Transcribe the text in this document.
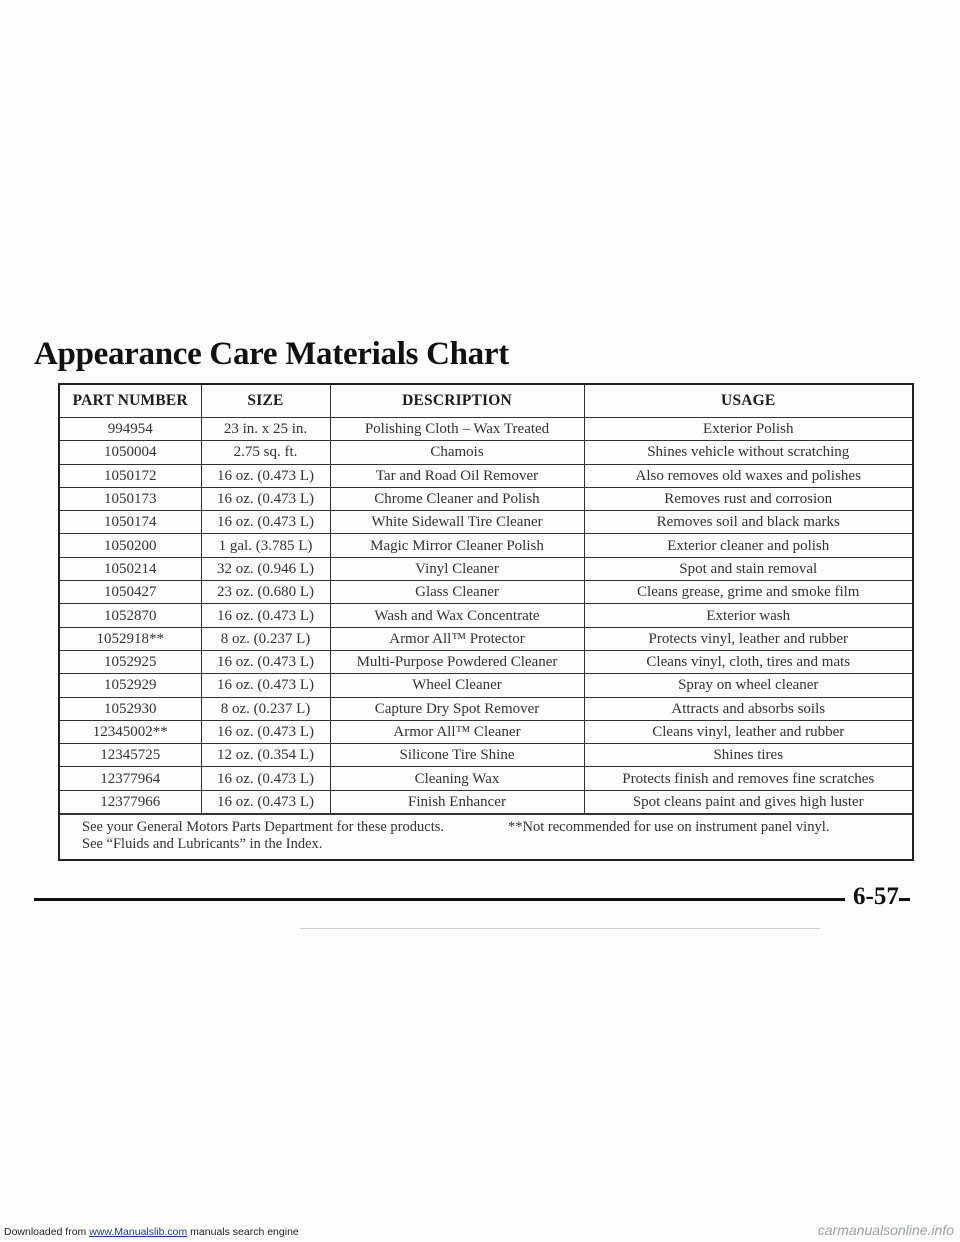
Appearance Care Materials Chart
PART NUMBER	SIZE	DESCRIPTION	USAGE
994954	23 in. x 25 in.	Polishing Cloth – Wax Treated	Exterior Polish
1050004	2.75 sq. ft.	Chamois	Shines vehicle without scratching
1050172	16 oz. (0.473 L)	Tar and Road Oil Remover	Also removes old waxes and polishes
1050173	16 oz. (0.473 L)	Chrome Cleaner and Polish	Removes rust and corrosion
1050174	16 oz. (0.473 L)	White Sidewall Tire Cleaner	Removes soil and black marks
1050200	1 gal. (3.785 L)	Magic Mirror Cleaner Polish	Exterior cleaner and polish
1050214	32 oz. (0.946 L)	Vinyl Cleaner	Spot and stain removal
1050427	23 oz. (0.680 L)	Glass Cleaner	Cleans grease, grime and smoke film
1052870	16 oz. (0.473 L)	Wash and Wax Concentrate	Exterior wash
1052918**	8 oz. (0.237 L)	Armor All™ Protector	Protects vinyl, leather and rubber
1052925	16 oz. (0.473 L)	Multi-Purpose Powdered Cleaner	Cleans vinyl, cloth, tires and mats
1052929	16 oz. (0.473 L)	Wheel Cleaner	Spray on wheel cleaner
1052930	8 oz. (0.237 L)	Capture Dry Spot Remover	Attracts and absorbs soils
12345002**	16 oz. (0.473 L)	Armor All™ Cleaner	Cleans vinyl, leather and rubber
12345725	12 oz. (0.354 L)	Silicone Tire Shine	Shines tires
12377964	16 oz. (0.473 L)	Cleaning Wax	Protects finish and removes fine scratches
12377966	16 oz. (0.473 L)	Finish Enhancer	Spot cleans paint and gives high luster
See your General Motors Parts Department for these products.
See “Fluids and Lubricants” in the Index.
**Not recommended for use on instrument panel vinyl.
6-57
Downloaded from www.Manualslib.com manuals search engine	carmanualsonline.info
